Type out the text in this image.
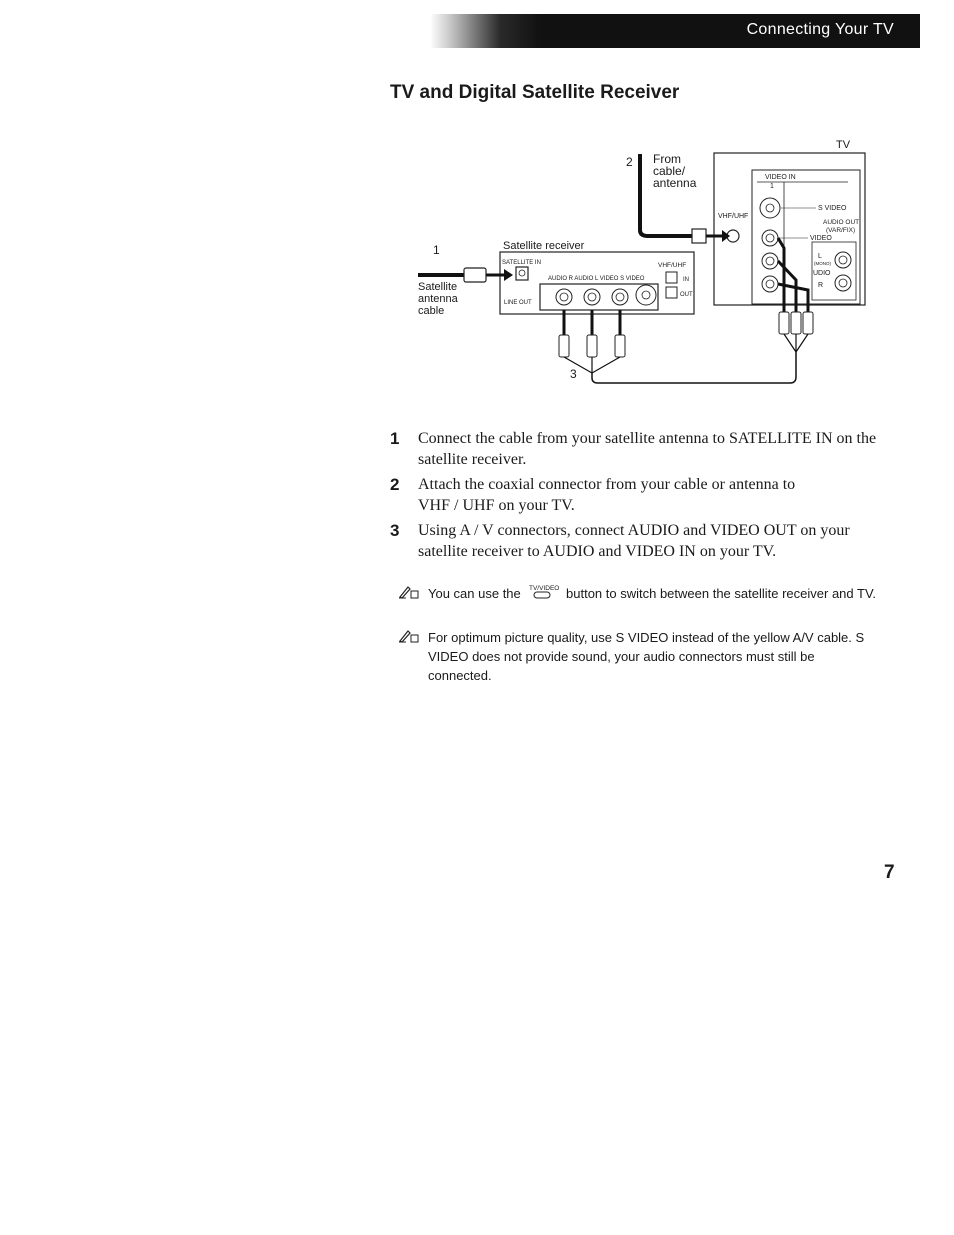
Connecting Your TV
TV and Digital Satellite Receiver
TV
VIDEO IN
1
S VIDEO
AUDIO OUT
(VAR/FIX)
VIDEO
L
(MONO)
UDIO
R
VHF/UHF
2 From
cable/
antenna
Satellite receiver
SATELLITE IN	VHF/UHF
AUDIO R AUDIO L VIDEO S VIDEO
LINE OUT
IN
OUT
1
Satellite
antenna
cable
3
1 Connect the cable from your satellite antenna to SATELLITE IN on the satellite receiver.
2 Attach the coaxial connector from your cable or antenna to VHF / UHF on your TV.
3 Using A / V connectors, connect AUDIO and VIDEO OUT on your satellite receiver to AUDIO and VIDEO IN on your TV.
You can use the TV/VIDEO button to switch between the satellite receiver and TV.
For optimum picture quality, use S VIDEO instead of the yellow A/V cable. S VIDEO does not provide sound, your audio connectors must still be connected.
7
